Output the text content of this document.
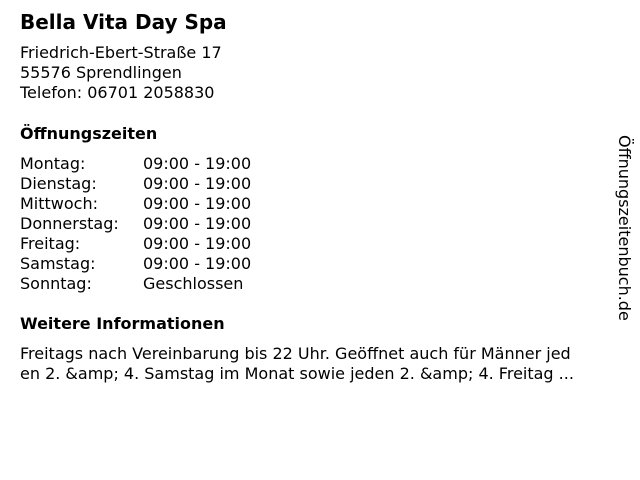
Bella Vita Day Spa
Friedrich-Ebert-Straße 17
55576 Sprendlingen
Telefon: 06701 2058830
Öffnungszeiten
Montag:	09:00 - 19:00
Dienstag:	09:00 - 19:00
Mittwoch:	09:00 - 19:00
Donnerstag: 09:00 - 19:00
Freitag:	09:00 - 19:00
Samstag:	09:00 - 19:00
Sonntag:	Geschlossen
Weitere Informationen
Freitags nach Vereinbarung bis 22 Uhr. Geöffnet auch für Männer jed
en 2. &amp; 4. Samstag im Monat sowie jeden 2. &amp; 4. Freitag ...
Öffnungszeitenbuch.de
